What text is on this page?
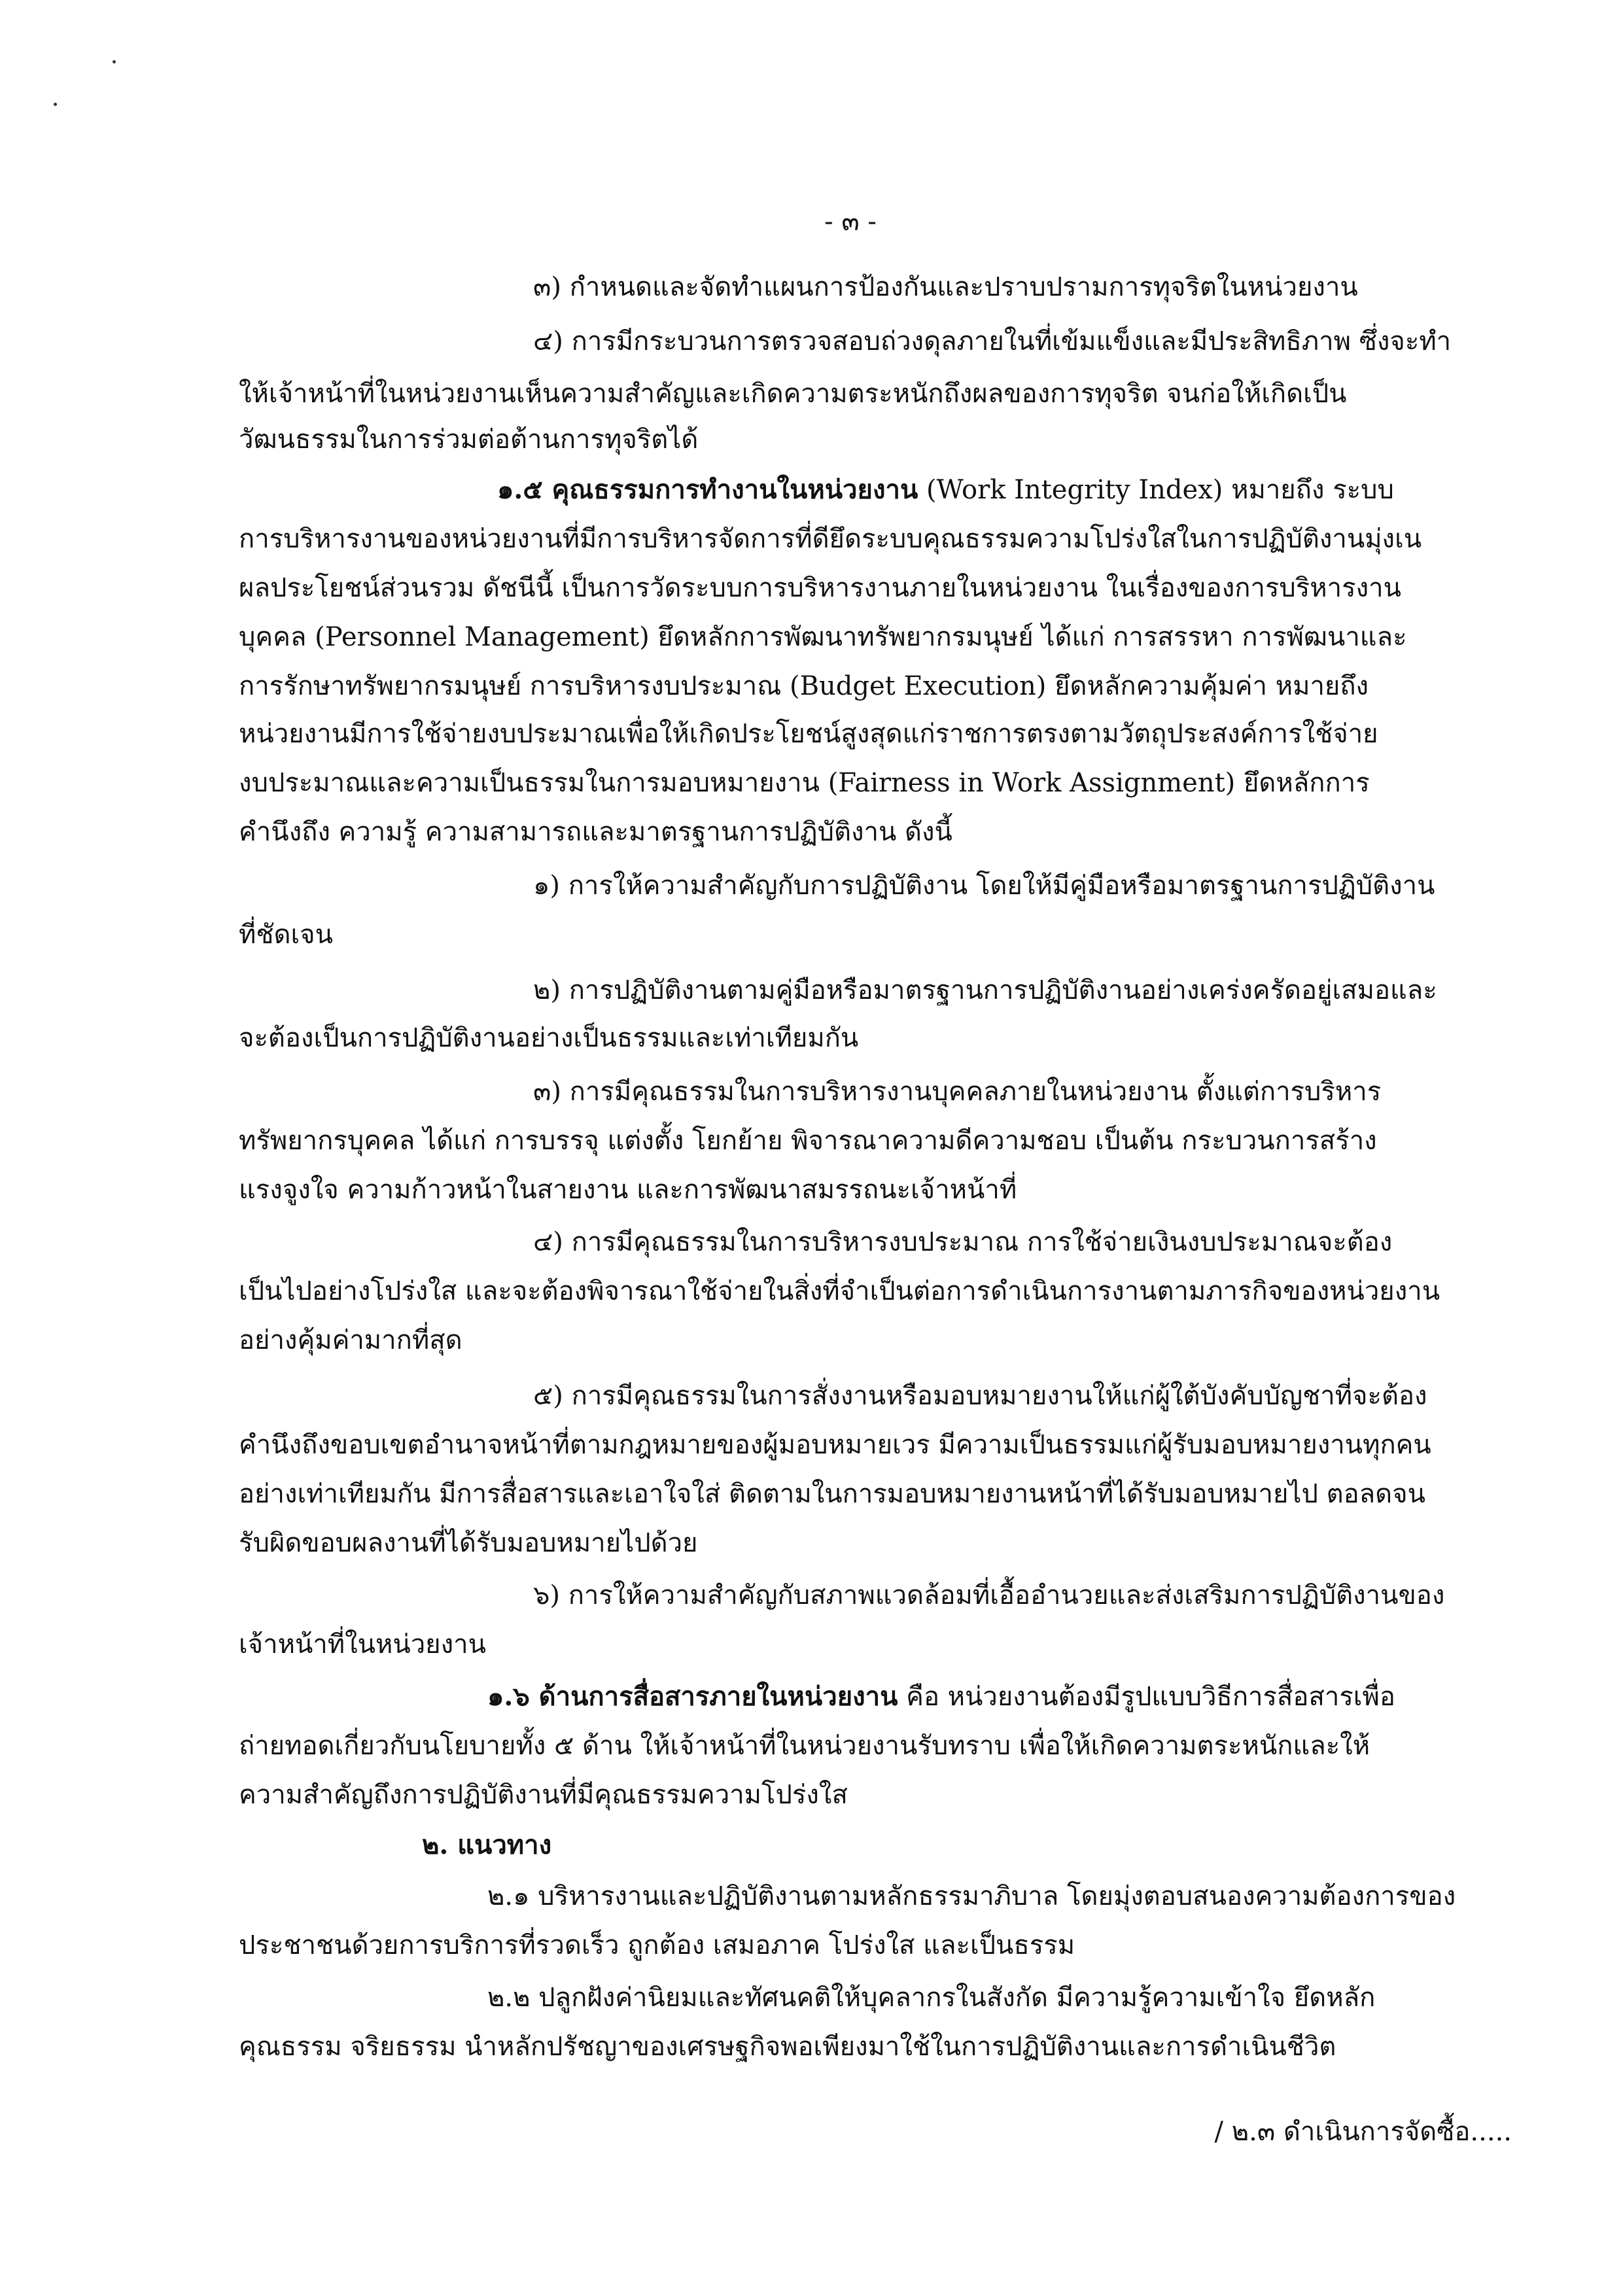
- ๓ -
๓) กำหนดและจัดทำแผนการป้องกันและปราบปรามการทุจริตในหน่วยงาน
๔) การมีกระบวนการตรวจสอบถ่วงดุลภายในที่เข้มแข็งและมีประสิทธิภาพ ซึ่งจะทำ
ให้เจ้าหน้าที่ในหน่วยงานเห็นความสำคัญและเกิดความตระหนักถึงผลของการทุจริต จนก่อให้เกิดเป็น
วัฒนธรรมในการร่วมต่อต้านการทุจริตได้
๑.๕ คุณธรรมการทำงานในหน่วยงาน (Work Integrity Index) หมายถึง ระบบ
การบริหารงานของหน่วยงานที่มีการบริหารจัดการที่ดียึดระบบคุณธรรมความโปร่งใสในการปฏิบัติงานมุ่งเน
ผลประโยชน์ส่วนรวม ดัชนีนี้ เป็นการวัดระบบการบริหารงานภายในหน่วยงาน ในเรื่องของการบริหารงาน
บุคคล (Personnel Management) ยึดหลักการพัฒนาทรัพยากรมนุษย์ ได้แก่ การสรรหา การพัฒนาและ
การรักษาทรัพยากรมนุษย์ การบริหารงบประมาณ (Budget Execution) ยึดหลักความคุ้มค่า หมายถึง
หน่วยงานมีการใช้จ่ายงบประมาณเพื่อให้เกิดประโยชน์สูงสุดแก่ราชการตรงตามวัตถุประสงค์การใช้จ่าย
งบประมาณและความเป็นธรรมในการมอบหมายงาน (Fairness in Work Assignment) ยึดหลักการ
คำนึงถึง ความรู้ ความสามารถและมาตรฐานการปฏิบัติงาน ดังนี้
๑) การให้ความสำคัญกับการปฏิบัติงาน โดยให้มีคู่มือหรือมาตรฐานการปฏิบัติงาน
ที่ชัดเจน
๒) การปฏิบัติงานตามคู่มือหรือมาตรฐานการปฏิบัติงานอย่างเคร่งครัดอยู่เสมอและ
จะต้องเป็นการปฏิบัติงานอย่างเป็นธรรมและเท่าเทียมกัน
๓) การมีคุณธรรมในการบริหารงานบุคคลภายในหน่วยงาน ตั้งแต่การบริหาร
ทรัพยากรบุคคล ได้แก่ การบรรจุ แต่งตั้ง โยกย้าย พิจารณาความดีความชอบ เป็นต้น กระบวนการสร้าง
แรงจูงใจ ความก้าวหน้าในสายงาน และการพัฒนาสมรรถนะเจ้าหน้าที่
๔) การมีคุณธรรมในการบริหารงบประมาณ การใช้จ่ายเงินงบประมาณจะต้อง
เป็นไปอย่างโปร่งใส และจะต้องพิจารณาใช้จ่ายในสิ่งที่จำเป็นต่อการดำเนินการงานตามภารกิจของหน่วยงาน
อย่างคุ้มค่ามากที่สุด
๕) การมีคุณธรรมในการสั่งงานหรือมอบหมายงานให้แก่ผู้ใต้บังคับบัญชาที่จะต้อง
คำนึงถึงขอบเขตอำนาจหน้าที่ตามกฎหมายของผู้มอบหมายเวร มีความเป็นธรรมแก่ผู้รับมอบหมายงานทุกคน
อย่างเท่าเทียมกัน มีการสื่อสารและเอาใจใส่ ติดตามในการมอบหมายงานหน้าที่ได้รับมอบหมายไป ตอลดจน
รับผิดขอบผลงานที่ได้รับมอบหมายไปด้วย
๖) การให้ความสำคัญกับสภาพแวดล้อมที่เอื้ออำนวยและส่งเสริมการปฏิบัติงานของ
เจ้าหน้าที่ในหน่วยงาน
๑.๖ ด้านการสื่อสารภายในหน่วยงาน คือ หน่วยงานต้องมีรูปแบบวิธีการสื่อสารเพื่อ
ถ่ายทอดเกี่ยวกับนโยบายทั้ง ๕ ด้าน ให้เจ้าหน้าที่ในหน่วยงานรับทราบ เพื่อให้เกิดความตระหนักและให้
ความสำคัญถึงการปฏิบัติงานที่มีคุณธรรมความโปร่งใส
๒. แนวทาง
๒.๑ บริหารงานและปฏิบัติงานตามหลักธรรมาภิบาล โดยมุ่งตอบสนองความต้องการของ
ประชาชนด้วยการบริการที่รวดเร็ว ถูกต้อง เสมอภาค โปร่งใส และเป็นธรรม
๒.๒ ปลูกฝังค่านิยมและทัศนคติให้บุคลากรในสังกัด มีความรู้ความเข้าใจ ยึดหลัก
คุณธรรม จริยธรรม นำหลักปรัชญาของเศรษฐกิจพอเพียงมาใช้ในการปฏิบัติงานและการดำเนินชีวิต
/ ๒.๓ ดำเนินการจัดซื้อ.....
